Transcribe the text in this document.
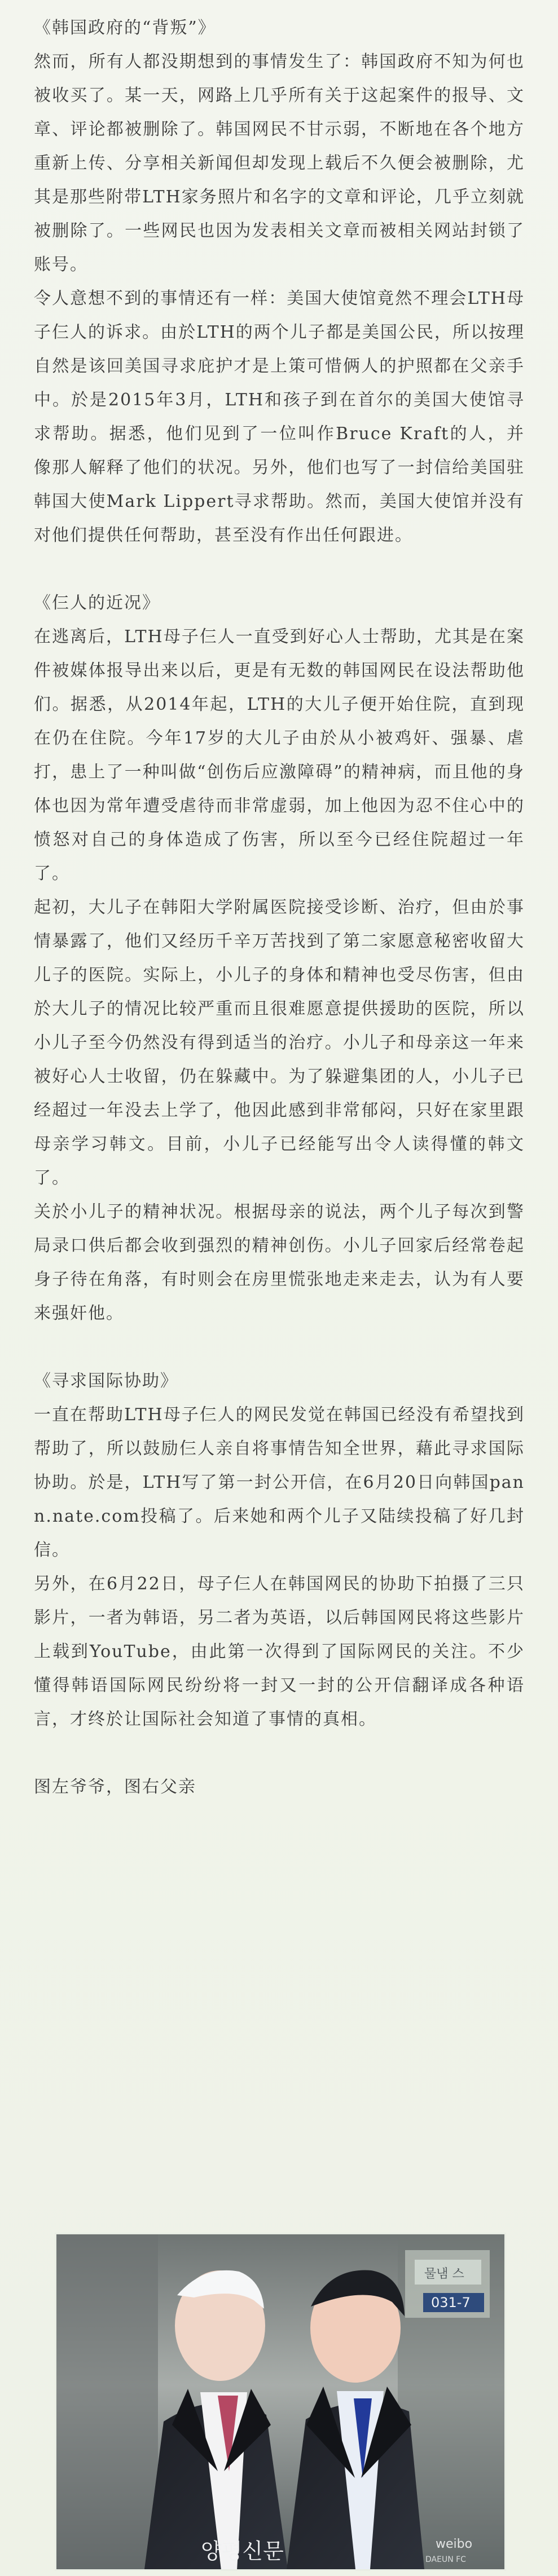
《韩国政府的“背叛”》

然而，所有人都没期想到的事情发生了：韩国政府不知为何也被收买了。某一天，网路上几乎所有关于这起案件的报导、文章、评论都被删除了。韩国网民不甘示弱，不断地在各个地方重新上传、分享相关新闻但却发现上载后不久便会被删除，尤其是那些附带LTH家务照片和名字的文章和评论，几乎立刻就被删除了。一些网民也因为发表相关文章而被相关网站封锁了账号。

令人意想不到的事情还有一样：美国大使馆竟然不理会LTH母子仨人的诉求。由於LTH的两个儿子都是美国公民，所以按理自然是该回美国寻求庇护才是上策可惜俩人的护照都在父亲手中。於是2015年3月，LTH和孩子到在首尔的美国大使馆寻求帮助。据悉，他们见到了一位叫作Bruce Kraft的人，并像那人解释了他们的状况。另外，他们也写了一封信给美国驻韩国大使Mark Lippert寻求帮助。然而，美国大使馆并没有对他们提供任何帮助，甚至没有作出任何跟进。

《仨人的近况》

在逃离后，LTH母子仨人一直受到好心人士帮助，尤其是在案件被媒体报导出来以后，更是有无数的韩国网民在设法帮助他们。据悉，从2014年起，LTH的大儿子便开始住院，直到现在仍在住院。今年17岁的大儿子由於从小被鸡奸、强暴、虐打，患上了一种叫做“创伤后应激障碍”的精神病，而且他的身体也因为常年遭受虐待而非常虚弱，加上他因为忍不住心中的愤怒对自己的身体造成了伤害，所以至今已经住院超过一年了。

起初，大儿子在韩阳大学附属医院接受诊断、治疗，但由於事情暴露了，他们又经历千辛万苦找到了第二家愿意秘密收留大儿子的医院。实际上，小儿子的身体和精神也受尽伤害，但由於大儿子的情况比较严重而且很难愿意提供援助的医院，所以小儿子至今仍然没有得到适当的治疗。小儿子和母亲这一年来被好心人士收留，仍在躲藏中。为了躲避集团的人，小儿子已经超过一年没去上学了，他因此感到非常郁闷，只好在家里跟母亲学习韩文。目前，小儿子已经能写出令人读得懂的韩文了。

关於小儿子的精神状况。根据母亲的说法，两个儿子每次到警局录口供后都会收到强烈的精神创伤。小儿子回家后经常卷起身子待在角落，有时则会在房里慌张地走来走去，认为有人要来强奸他。

《寻求国际协助》

一直在帮助LTH母子仨人的网民发觉在韩国已经没有希望找到帮助了，所以鼓励仨人亲自将事情告知全世界，藉此寻求国际协助。於是，LTH写了第一封公开信，在6月20日向韩国pann.nate.com投稿了。后来她和两个儿子又陆续投稿了好几封信。

另外，在6月22日，母子仨人在韩国网民的协助下拍摄了三只影片，一者为韩语，另二者为英语，以后韩国网民将这些影片上载到YouTube，由此第一次得到了国际网民的关注。不少懂得韩语国际网民纷纷将一封又一封的公开信翻译成各种语言，才终於让国际社会知道了事情的真相。

图左爷爷，图右父亲

물냄 스
031-7
양평신문	weibo
DAEUN FC
